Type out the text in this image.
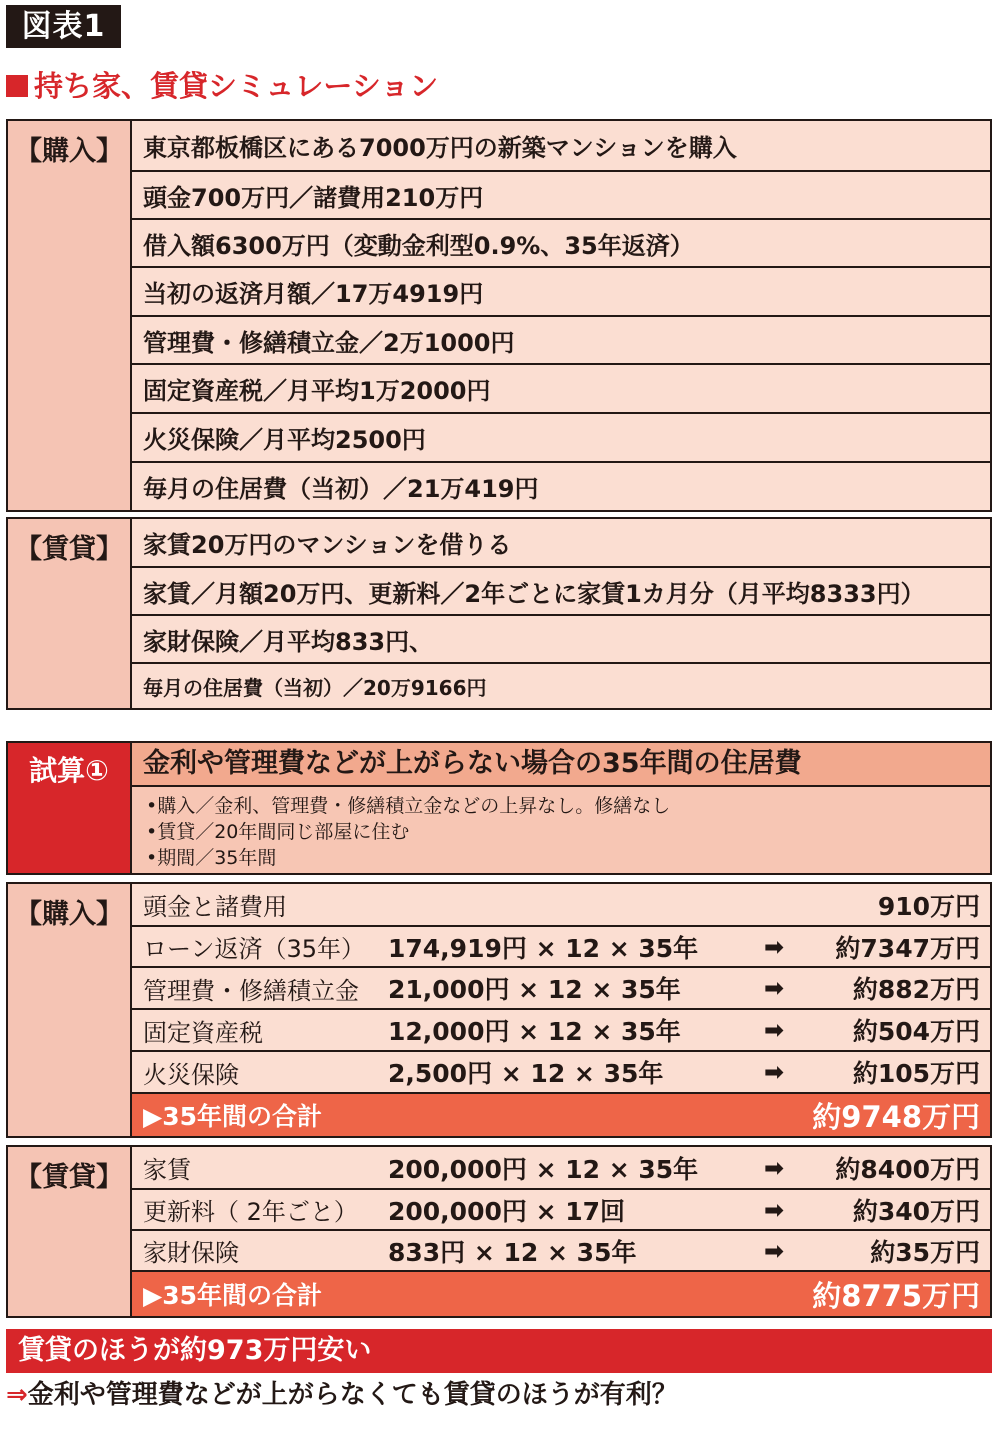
図表1
持ち家、賃貸シミュレーション
【購入】 東京都板橋区にある7000万円の新築マンションを購入
頭金700万円／諸費用210万円
借入額6300万円（変動金利型0.9%、35年返済）
当初の返済月額／17万4919円
管理費・修繕積立金／2万1000円
固定資産税／月平均1万2000円
火災保険／月平均2500円
毎月の住居費（当初）／21万419円
【賃貸】 家賃20万円のマンションを借りる
家賃／月額20万円、更新料／2年ごとに家賃1カ月分（月平均8333円）
家財保険／月平均833円、
毎月の住居費（当初）／20万9166円
試算①	金利や管理費などが上がらない場合の35年間の住居費
•購入／金利、管理費・修繕積立金などの上昇なし。修繕なし
•賃貸／20年間同じ部屋に住む
•期間／35年間
【購入】 頭金と諸費用	910万円
ローン返済（35年） 174,919円 × 12 × 35年	➡ 約7347万円
管理費・修繕積立金 21,000円 × 12 × 35年	➡	約882万円
固定資産税	12,000円 × 12 × 35年	➡	約504万円
火災保険	2,500円 × 12 × 35年	➡	約105万円
▶35年間の合計	約9748万円
【賃貸】 家賃	200,000円 × 12 × 35年	➡ 約8400万円
更新料（ 2年ごと） 200,000円 × 17回	➡	約340万円
家財保険	833円 × 12 × 35年	➡	約35万円
▶35年間の合計	約8775万円
賃貸のほうが約973万円安い
⇒金利や管理費などが上がらなくても賃貸のほうが有利？
